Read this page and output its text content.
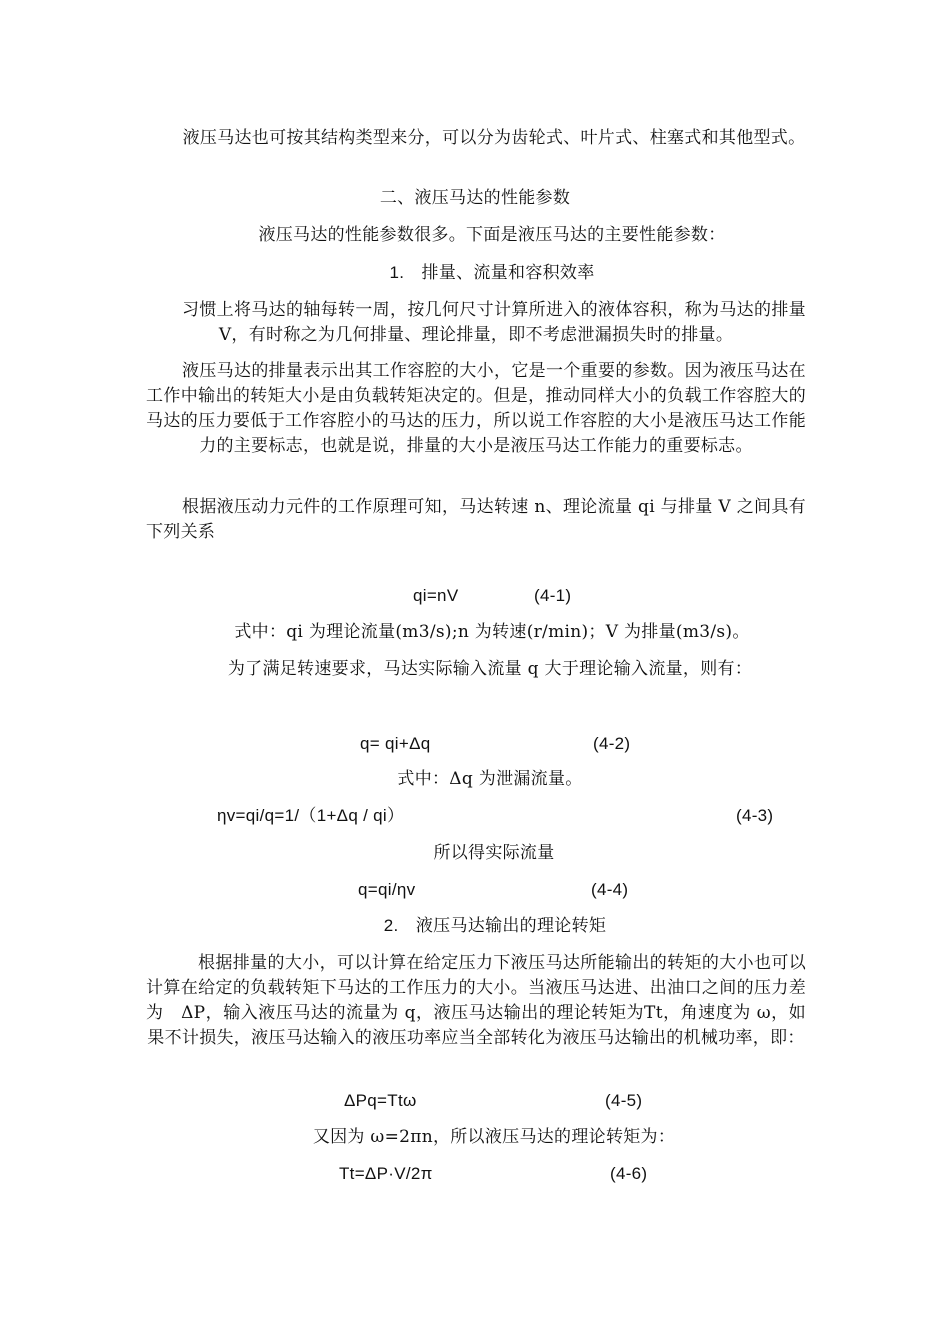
液压马达也可按其结构类型来分，可以分为齿轮式、叶片式、柱塞式和其他型式。
二、液压马达的性能参数
液压马达的性能参数很多。下面是液压马达的主要性能参数：
1.　排量、流量和容积效率
习惯上将马达的轴每转一周，按几何尺寸计算所进入的液体容积，称为马达的排量V，有时称之为几何排量、理论排量，即不考虑泄漏损失时的排量。
液压马达的排量表示出其工作容腔的大小，它是一个重要的参数。因为液压马达在工作中输出的转矩大小是由负载转矩决定的。但是，推动同样大小的负载工作容腔大的马达的压力要低于工作容腔小的马达的压力，所以说工作容腔的大小是液压马达工作能力的主要标志，也就是说，排量的大小是液压马达工作能力的重要标志。
根据液压动力元件的工作原理可知，马达转速 n、理论流量 qi 与排量 V 之间具有下列关系
qi=nV	(4-1)
式中：qi 为理论流量(m3/s);n 为转速(r/min)；V 为排量(m3/s)。
为了满足转速要求，马达实际输入流量 q 大于理论输入流量，则有：
q= qi+Δq	(4-2)
式中：Δq 为泄漏流量。
ηv=qi/q=1/（1+Δq / qi）	(4-3)
所以得实际流量
q=qi/ηv	(4-4)
2.　液压马达输出的理论转矩
根据排量的大小，可以计算在给定压力下液压马达所能输出的转矩的大小也可以计算在给定的负载转矩下马达的工作压力的大小。当液压马达进、出油口之间的压力差为　ΔP，输入液压马达的流量为 q，液压马达输出的理论转矩为Tt，角速度为 ω，如果不计损失，液压马达输入的液压功率应当全部转化为液压马达输出的机械功率，即：
ΔPq=Ttω	(4-5)
又因为 ω=2πn，所以液压马达的理论转矩为：
Tt=ΔP·V/2π	(4-6)
